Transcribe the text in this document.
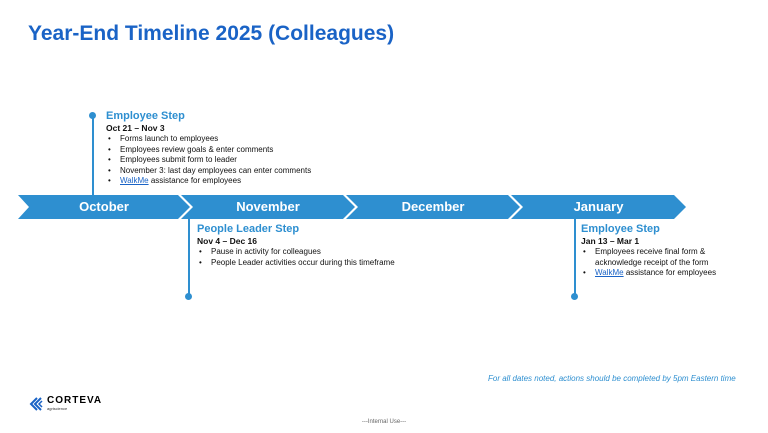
Year-End Timeline 2025 (Colleagues)
October	November	December	January
Employee Step
Oct 21 – Nov 3
• Forms launch to employees
• Employees review goals & enter comments
• Employees submit form to leader
• November 3: last day employees can enter comments
• WalkMe assistance for employees
People Leader Step
Nov 4 – Dec 16
• Pause in activity for colleagues
• People Leader activities occur during this timeframe
Employee Step
Jan 13 – Mar 1
• Employees receive final form & acknowledge receipt of the form
• WalkMe assistance for employees
For all dates noted, actions should be completed by 5pm Eastern time
CORTEVA
agriscience
---Internal Use---
